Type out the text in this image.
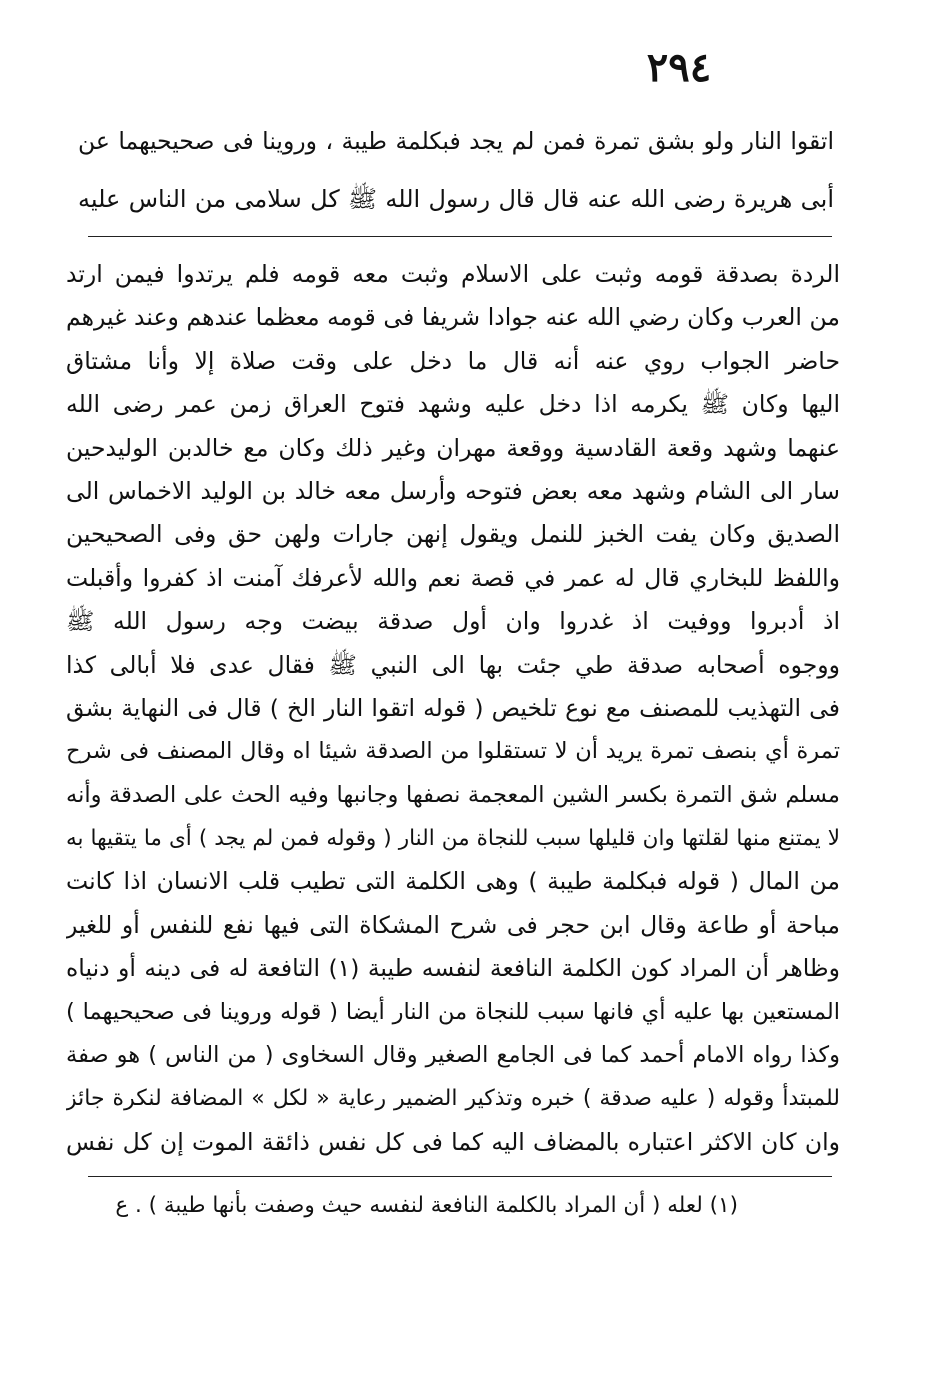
٢٩٤
اتقوا النار ولو بشق تمرة فمن لم يجد فبكلمة طيبة ، وروينا فى صحيحيهما عن
أبى هريرة رضى الله عنه قال قال رسول الله ﷺ كل سلامى من الناس عليه
الردة بصدقة قومه وثبت على الاسلام وثبت معه قومه فلم يرتدوا فيمن ارتد
من العرب وكان رضي الله عنه جوادا شريفا فى قومه معظما عندهم وعند غيرهم
حاضر الجواب روي عنه أنه قال ما دخل على وقت صلاة إلا وأنا مشتاق
اليها وكان ﷺ يكرمه اذا دخل عليه وشهد فتوح العراق زمن عمر رضى الله
عنهما وشهد وقعة القادسية ووقعة مهران وغير ذلك وكان مع خالدبن الوليدحين
سار الى الشام وشهد معه بعض فتوحه وأرسل معه خالد بن الوليد الاخماس الى
الصديق وكان يفت الخبز للنمل ويقول إنهن جارات ولهن حق وفى الصحيحين
واللفظ للبخاري قال له عمر في قصة نعم والله لأعرفك آمنت اذ كفروا وأقبلت
اذ أدبروا ووفيت اذ غدروا وان أول صدقة بيضت وجه رسول الله ﷺ
ووجوه أصحابه صدقة طي جئت بها الى النبي ﷺ فقال عدى فلا أبالى كذا
فى التهذيب للمصنف مع نوع تلخيص ( قوله اتقوا النار الخ ) قال فى النهاية بشق
تمرة أي بنصف تمرة يريد أن لا تستقلوا من الصدقة شيئا اه وقال المصنف فى شرح
مسلم شق التمرة بكسر الشين المعجمة نصفها وجانبها وفيه الحث على الصدقة وأنه
لا يمتنع منها لقلتها وان قليلها سبب للنجاة من النار ( وقوله فمن لم يجد ) أى ما يتقيها به
من المال ( قوله فبكلمة طيبة ) وهى الكلمة التى تطيب قلب الانسان اذا كانت
مباحة أو طاعة وقال ابن حجر فى شرح المشكاة التى فيها نفع للنفس أو للغير
وظاهر أن المراد كون الكلمة النافعة لنفسه طيبة (١) التافعة له فى دينه أو دنياه
المستعين بها عليه أي فانها سبب للنجاة من النار أيضا ( قوله وروينا فى صحيحيهما )
وكذا رواه الامام أحمد كما فى الجامع الصغير وقال السخاوى ( من الناس ) هو صفة
للمبتدأ وقوله ( عليه صدقة ) خبره وتذكير الضمير رعاية « لكل » المضافة لنكرة جائز
وان كان الاكثر اعتباره بالمضاف اليه كما فى كل نفس ذائقة الموت إن كل نفس
(١) لعله ( أن المراد بالكلمة النافعة لنفسه حيث وصفت بأنها طيبة ) . ع
